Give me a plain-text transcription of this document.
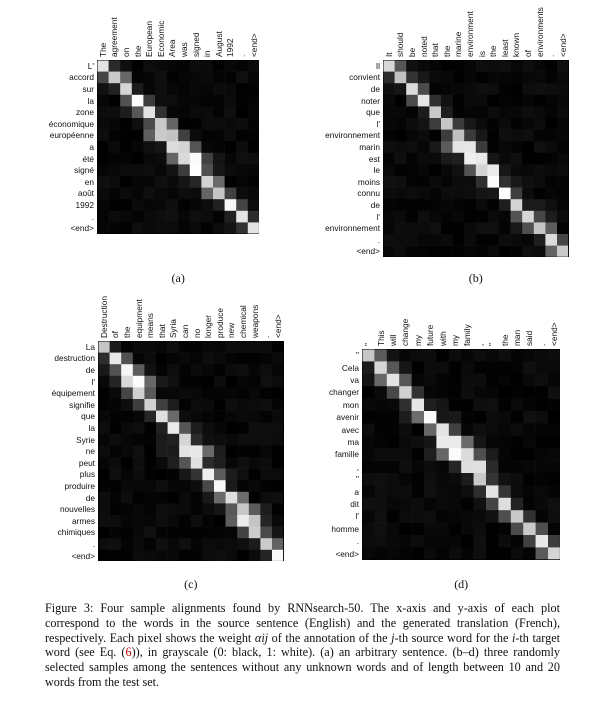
The agreement on the European Economic Area was signed in August 1992 . <end>
L'
accord
sur
la
zone
économique
européenne
a
été
signé
en
août
1992
.
<end>
(a)
It should be noted that the marine environment is the least known of environments . <end>
Il
convient
de
noter
que
l'
environnement
marin
est
le
moins
connu
de
l'
environnement
.
<end>
(b)
Destruction of the equipment means that Syria can no longer produce new chemical weapons . <end>
La
destruction
de
l'
équipement
signifie
que
la
Syrie
ne
peut
plus
produire
de
nouvelles
armes
chimiques
.
<end>
(c)
" This will change my future with my family , " the man said . <end>
"
Cela
va
changer
mon
avenir
avec
ma
famille
,
"
a
dit
l'
homme
.
<end>
(d)
Figure 3: Four sample alignments found by RNNsearch-50. The x-axis and y-axis of each plot correspond to the words in the source sentence (English) and the generated translation (French), respectively. Each pixel shows the weight αij of the annotation of the j-th source word for the i-th target word (see Eq. (6)), in grayscale (0: black, 1: white). (a) an arbitrary sentence. (b–d) three randomly selected samples among the sentences without any unknown words and of length between 10 and 20 words from the test set.
